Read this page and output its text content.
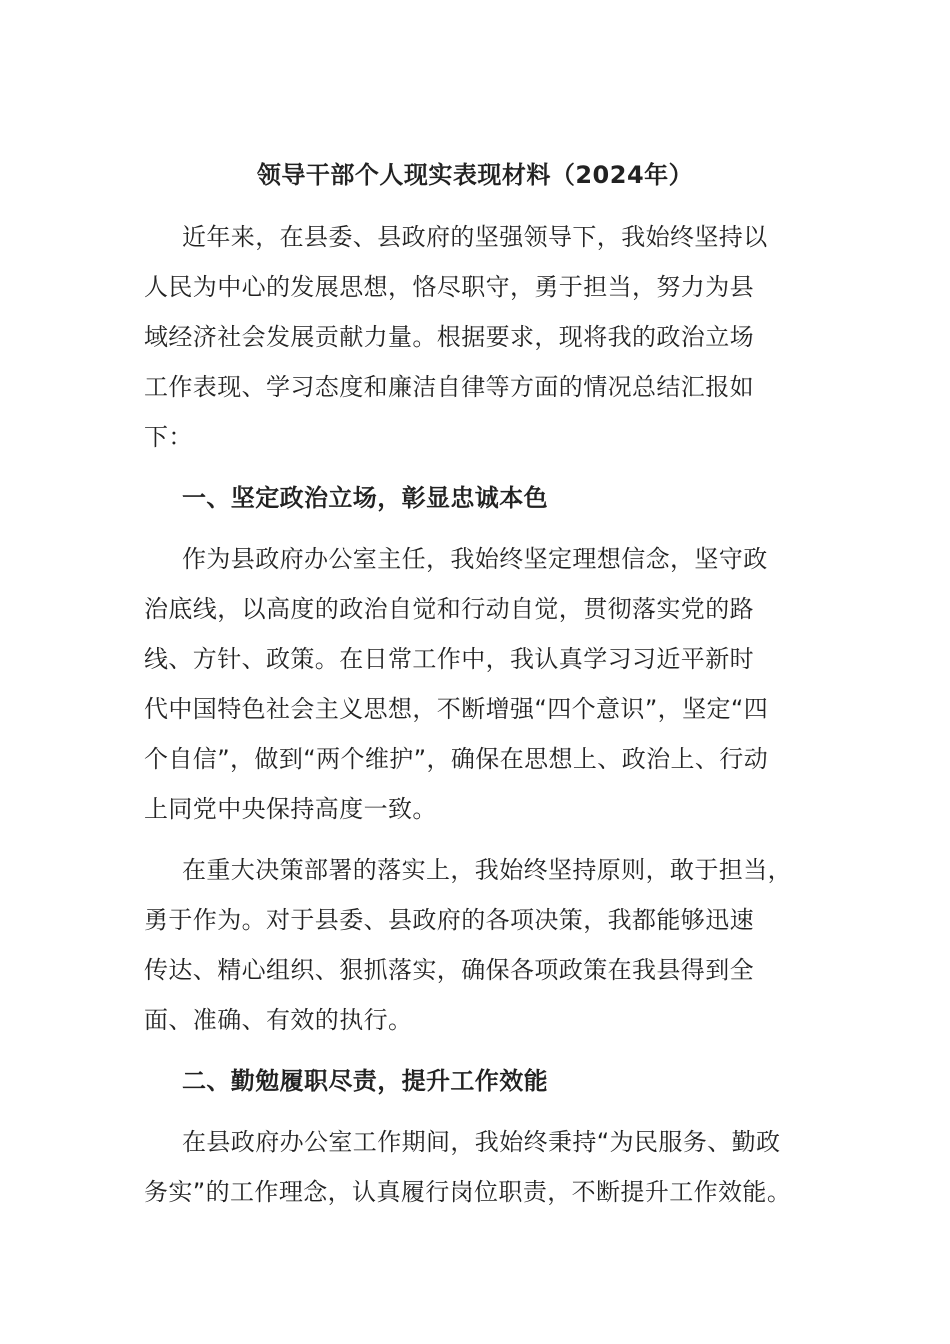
领导干部个人现实表现材料（2024年）
近年来，在县委、县政府的坚强领导下，我始终坚持以
人民为中心的发展思想，恪尽职守，勇于担当，努力为县
域经济社会发展贡献力量。根据要求，现将我的政治立场
工作表现、学习态度和廉洁自律等方面的情况总结汇报如
下：
一、坚定政治立场，彰显忠诚本色
作为县政府办公室主任，我始终坚定理想信念，坚守政
治底线，以高度的政治自觉和行动自觉，贯彻落实党的路
线、方针、政策。在日常工作中，我认真学习习近平新时
代中国特色社会主义思想，不断增强“四个意识”，坚定“四
个自信”，做到“两个维护”，确保在思想上、政治上、行动
上同党中央保持高度一致。
在重大决策部署的落实上，我始终坚持原则，敢于担当，
勇于作为。对于县委、县政府的各项决策，我都能够迅速
传达、精心组织、狠抓落实，确保各项政策在我县得到全
面、准确、有效的执行。
二、勤勉履职尽责，提升工作效能
在县政府办公室工作期间，我始终秉持“为民服务、勤政
务实”的工作理念，认真履行岗位职责，不断提升工作效能。
